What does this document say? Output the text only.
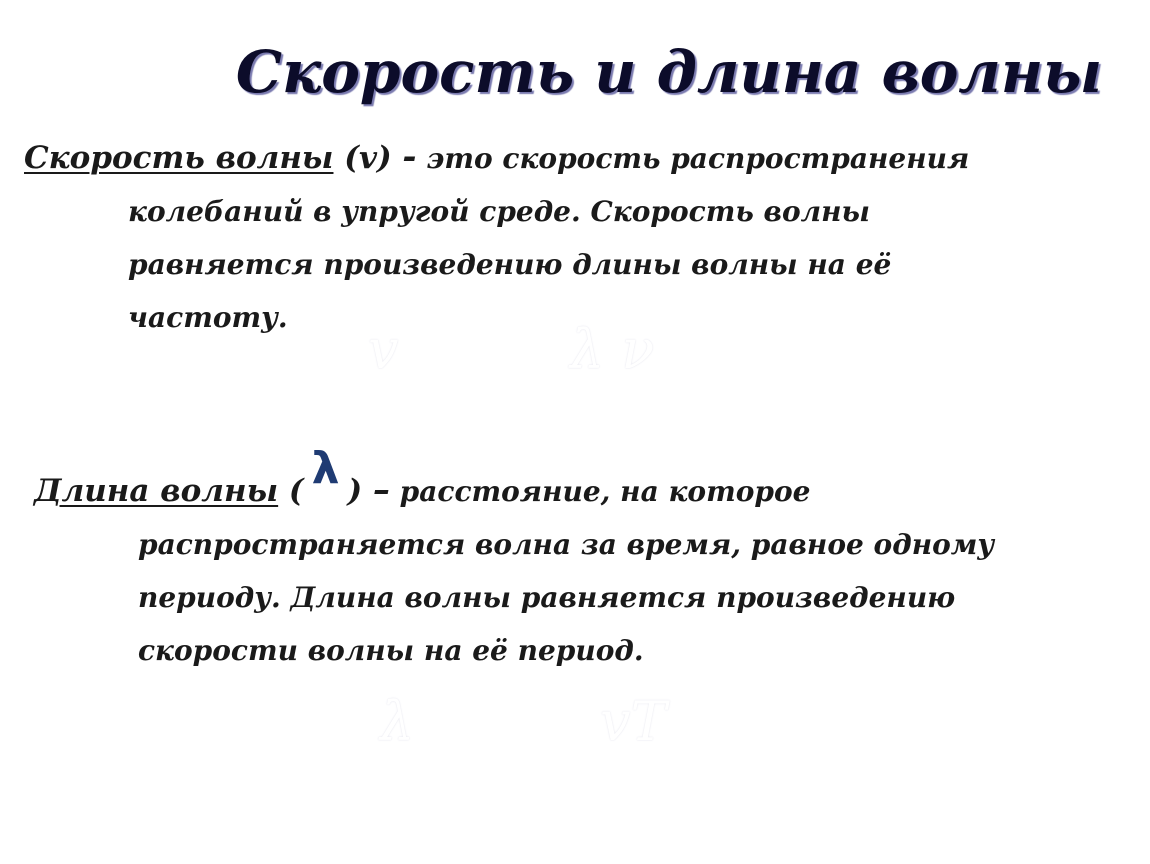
Скорость и длина волны
Скорость волны (v) - это скорость распространения
колебаний в упругой среде. Скорость волны
равняется произведению длины волны на её
частоту.
v	λ ν
Длина волны ( λ ) – расстояние, на которое
распространяется волна за время, равное одному
периоду. Длина волны равняется произведению
скорости волны на её период.
λ	vT
